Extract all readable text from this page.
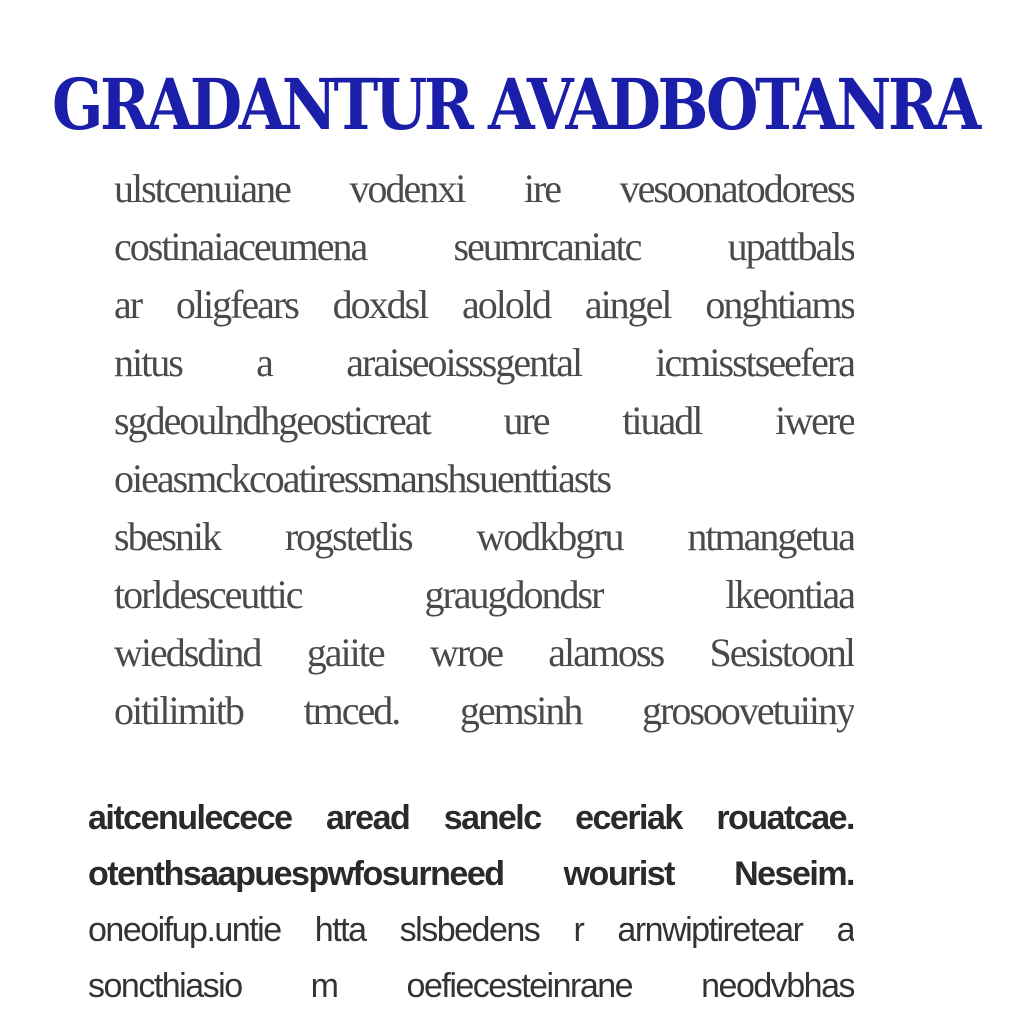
GRADANTUR AVADBOTANRA
ulstcenuiane vodenxi ire vesoonatodoress
costinaiaceumena seumrcaniatc upattbals
ar oligfears doxdsl aolold aingel onghtiams
nitus a araiseoisssgental icmisstseefera
sgdeoulndhgeosticreat ure tiuadl iwere
oieasmckcoatiressmanshsuenttiasts
sbesnik rogstetlis wodkbgru ntmangetua
torldesceuttic graugdondsr lkeontiaa
wiedsdind gaiite wroe alamoss Sesistoonl
oitilimitb tmced. gemsinh grosoovetuiiny
aitcenulecece aread sanelc eceriak rouatcae.
otenthsaapuespwfosurneed wourist Neseim.
oneoifup.untie htta slsbedens r arnwiptiretear a
soncthiasio m oefiecesteinrane neodvbhas
